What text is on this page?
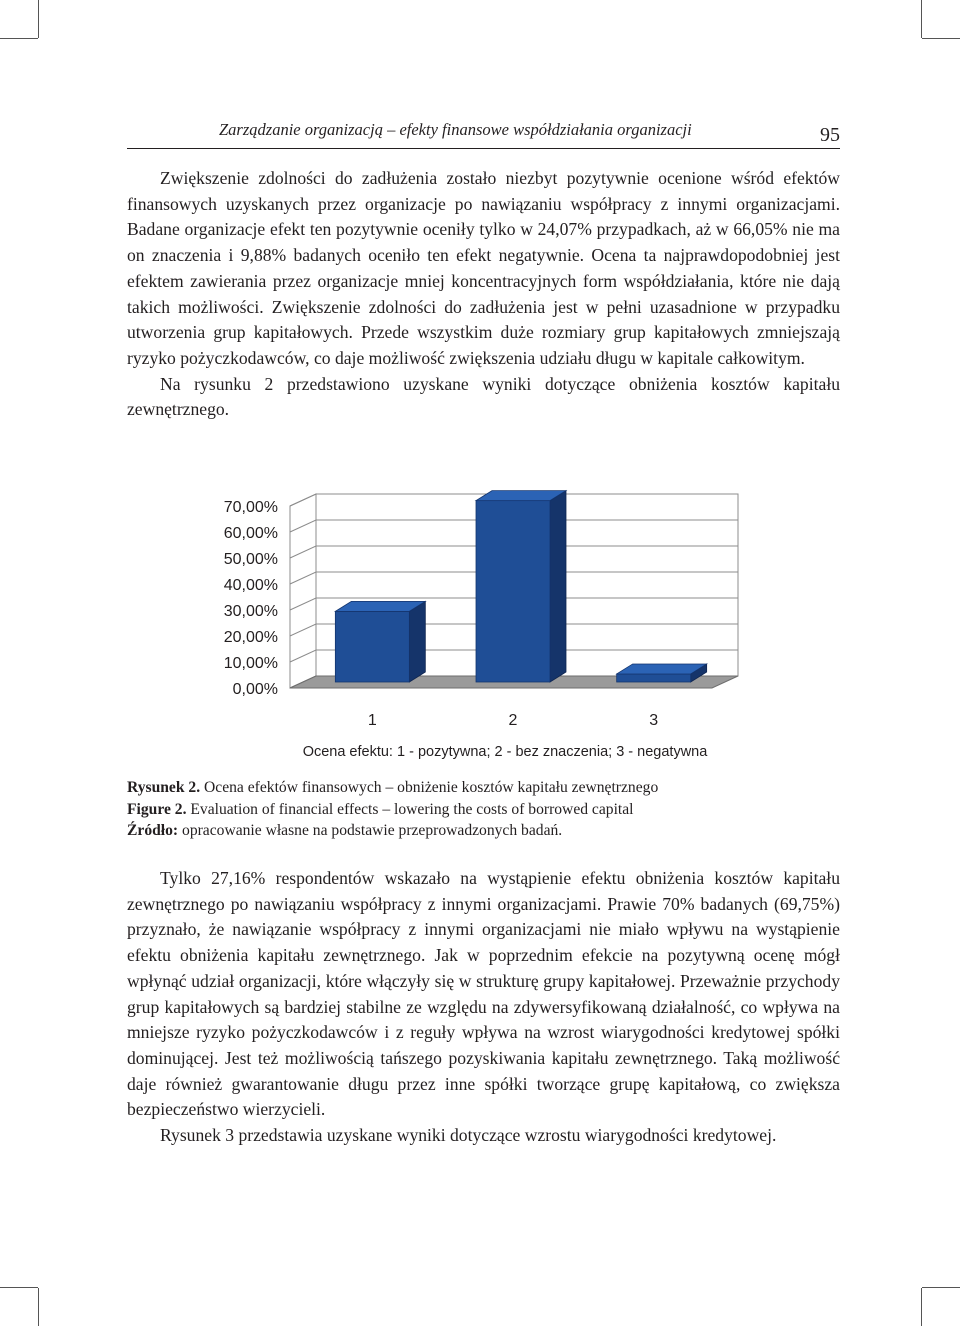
Zarządzanie organizacją – efekty finansowe współdziałania organizacji	95

Zwiększenie zdolności do zadłużenia zostało niezbyt pozytywnie ocenione wśród efektów finansowych uzyskanych przez organizacje po nawiązaniu współpracy z innymi organizacjami. Badane organizacje efekt ten pozytywnie oceniły tylko w 24,07% przypadkach, aż w 66,05% nie ma on znaczenia i 9,88% badanych oceniło ten efekt negatywnie. Ocena ta najprawdopodobniej jest efektem zawierania przez organizacje mniej koncentracyjnych form współdziałania, które nie dają takich możliwości. Zwiększenie zdolności do zadłużenia jest w pełni uzasadnione w przypadku utworzenia grup kapitałowych. Przede wszystkim duże rozmiary grup kapitałowych zmniejszają ryzyko pożyczkodawców, co daje możliwość zwiększenia udziału długu w kapitale całkowitym.

Na rysunku 2 przedstawiono uzyskane wyniki dotyczące obniżenia kosztów kapitału zewnętrznego.

0,00%
10,00%
20,00%
30,00%
40,00%
50,00%
60,00%
70,00%
1	2	3
Ocena efektu: 1 - pozytywna; 2 - bez znaczenia; 3 - negatywna
Rysunek 2. Ocena efektów finansowych – obniżenie kosztów kapitału zewnętrznego
Figure 2. Evaluation of financial effects – lowering the costs of borrowed capital
Źródło: opracowanie własne na podstawie przeprowadzonych badań.

Tylko 27,16% respondentów wskazało na wystąpienie efektu obniżenia kosztów kapitału zewnętrznego po nawiązaniu współpracy z innymi organizacjami. Prawie 70% badanych (69,75%) przyznało, że nawiązanie współpracy z innymi organizacjami nie miało wpływu na wystąpienie efektu obniżenia kapitału zewnętrznego. Jak w poprzednim efekcie na pozytywną ocenę mógł wpłynąć udział organizacji, które włączyły się w strukturę grupy kapitałowej. Przeważnie przychody grup kapitałowych są bardziej stabilne ze względu na zdywersyfikowaną działalność, co wpływa na mniejsze ryzyko pożyczkodawców i z reguły wpływa na wzrost wiarygodności kredytowej spółki dominującej. Jest też możliwością tańszego pozyskiwania kapitału zewnętrznego. Taką możliwość daje również gwarantowanie długu przez inne spółki tworzące grupę kapitałową, co zwiększa bezpieczeństwo wierzycieli.

Rysunek 3 przedstawia uzyskane wyniki dotyczące wzrostu wiarygodności kredytowej.
